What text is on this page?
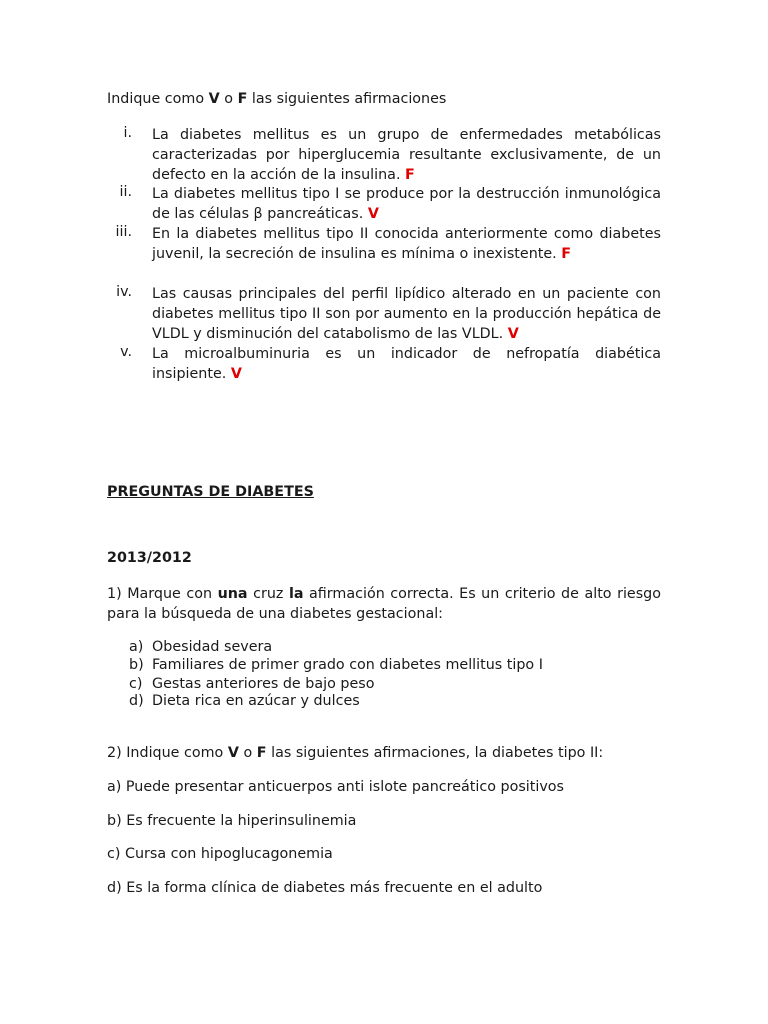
Indique como V o F las siguientes afirmaciones
i. La diabetes mellitus es un grupo de enfermedades metabólicas caracterizadas por hiperglucemia resultante exclusivamente, de un defecto en la acción de la insulina. F
ii. La diabetes mellitus tipo I se produce por la destrucción inmunológica de las células β pancreáticas. V
iii. En la diabetes mellitus tipo II conocida anteriormente como diabetes juvenil, la secreción de insulina es mínima o inexistente. F
iv. Las causas principales del perfil lipídico alterado en un paciente con diabetes mellitus tipo II son por aumento en la producción hepática de VLDL y disminución del catabolismo de las VLDL. V
v. La microalbuminuria es un indicador de nefropatía diabética insipiente. V
PREGUNTAS DE DIABETES
2013/2012
1) Marque con una cruz la afirmación correcta. Es un criterio de alto riesgo para la búsqueda de una diabetes gestacional:
a) Obesidad severa
b) Familiares de primer grado con diabetes mellitus tipo I
c) Gestas anteriores de bajo peso
d) Dieta rica en azúcar y dulces
2) Indique como V o F las siguientes afirmaciones, la diabetes tipo II:
a) Puede presentar anticuerpos anti islote pancreático positivos
b) Es frecuente la hiperinsulinemia
c) Cursa con hipoglucagonemia
d) Es la forma clínica de diabetes más frecuente en el adulto
